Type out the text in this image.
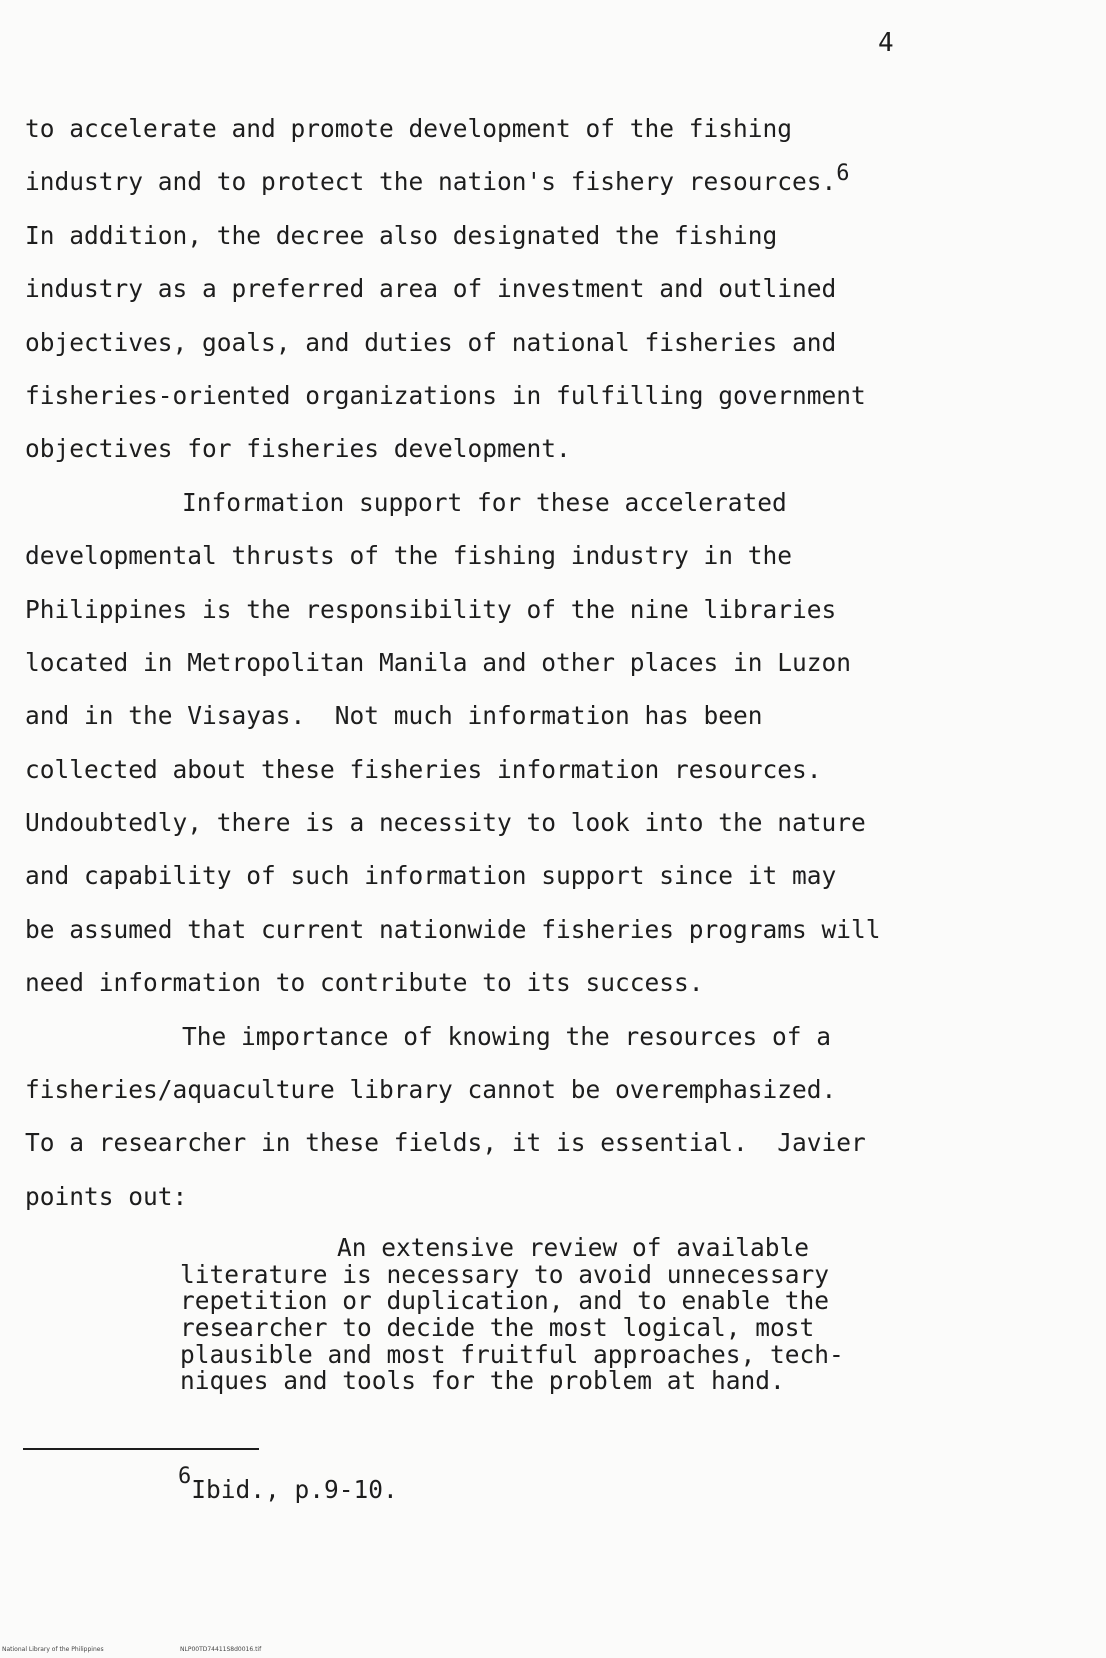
4
to accelerate and promote development of the fishing
industry and to protect the nation's fishery resources.$^6$
In addition, the decree also designated the fishing
industry as a preferred area of investment and outlined
objectives, goals, and duties of national fisheries and
fisheries-oriented organizations in fulfilling government
objectives for fisheries development.
Information support for these accelerated
developmental thrusts of the fishing industry in the
Philippines is the responsibility of the nine libraries
located in Metropolitan Manila and other places in Luzon
and in the Visayas.  Not much information has been
collected about these fisheries information resources.
Undoubtedly, there is a necessity to look into the nature
and capability of such information support since it may
be assumed that current nationwide fisheries programs will
need information to contribute to its success.
The importance of knowing the resources of a
fisheries/aquaculture library cannot be overemphasized.
To a researcher in these fields, it is essential.  Javier
points out:
An extensive review of available
literature is necessary to avoid unnecessary
repetition or duplication, and to enable the
researcher to decide the most logical, most
plausible and most fruitful approaches, tech-
niques and tools for the problem at hand.
$^6$Ibid., p.9-10.
National Library of the Philippines	NLP00TD74411S8d0016.tif
